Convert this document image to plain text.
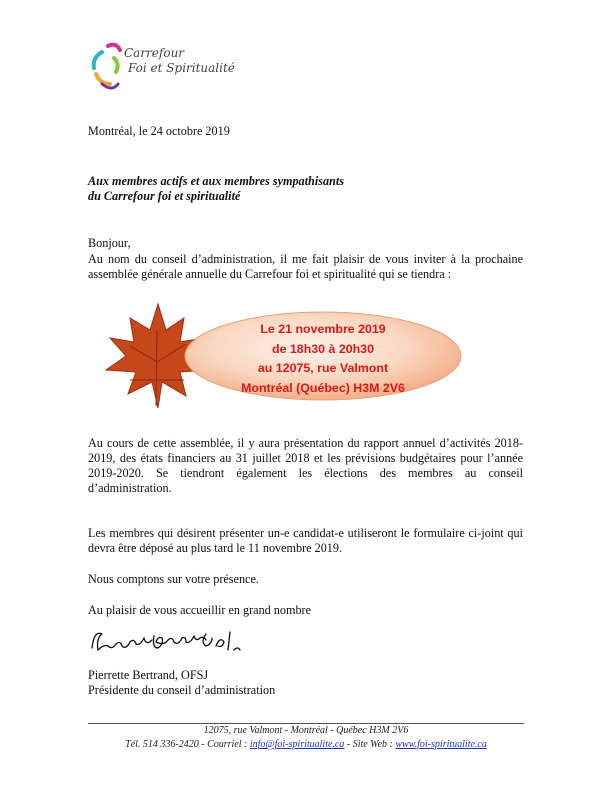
Carrefour
Foi et Spiritualité

Montréal, le 24 octobre 2019

Aux membres actifs et aux membres sympathisants

du Carrefour foi et spiritualité

Bonjour,

Au nom du conseil d’administration, il me fait plaisir de vous inviter à la prochaine assemblée générale annuelle du Carrefour foi et spiritualité qui se tiendra :

Le 21 novembre 2019
de 18h30 à 20h30
au 12075, rue Valmont
Montréal (Québec) H3M 2V6

Au cours de cette assemblée, il y aura présentation du rapport annuel d’activités 2018-2019, des états financiers au 31 juillet 2018 et les prévisions budgétaires pour l’année 2019-2020. Se tiendront également les élections des membres au conseil d’administration.

Les membres qui désirent présenter un-e candidat-e utiliseront le formulaire ci-joint qui devra être déposé au plus tard le 11 novembre 2019.

Nous comptons sur votre présence.

Au plaisir de vous accueillir en grand nombre

Pierrette Bertrand, OFSJ

Présidente du conseil d’administration

12075, rue Valmont - Montréal - Québec H3M 2V6
Tél. 514 336-2420 - Courriel : info@foi-spiritualite.ca - Site Web : www.foi-spiritualite.ca
